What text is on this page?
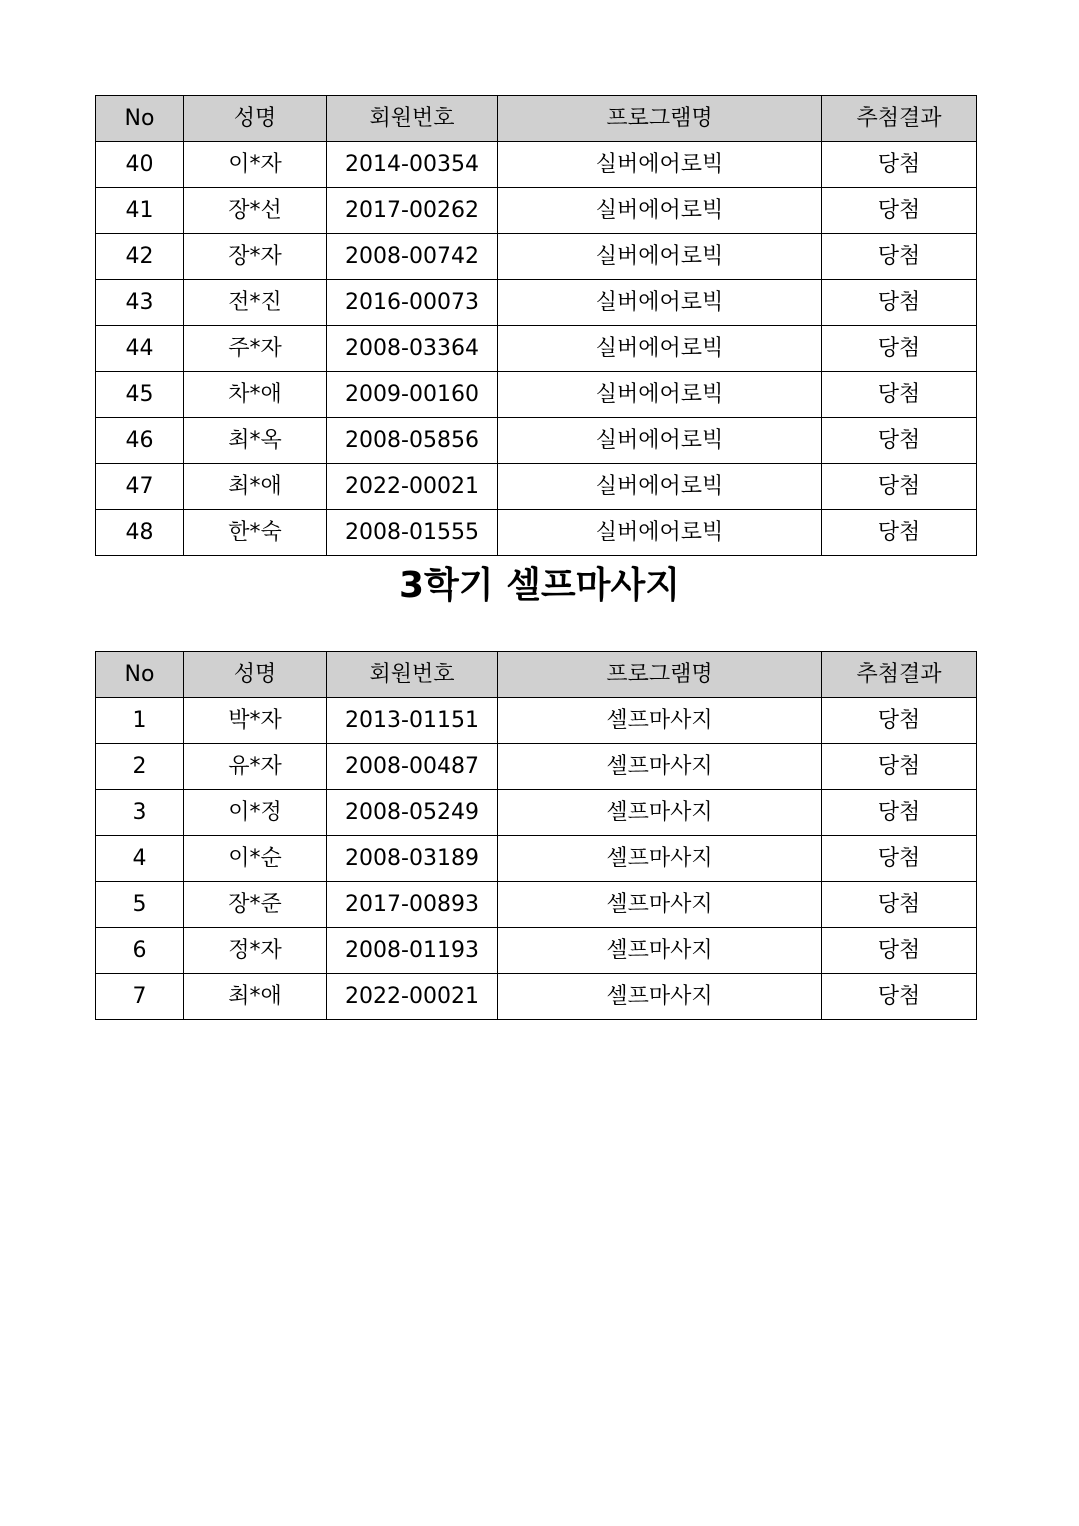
No	성명	회원번호	프로그램명	추첨결과
40	이*자	2014-00354	실버에어로빅	당첨
41	장*선	2017-00262	실버에어로빅	당첨
42	장*자	2008-00742	실버에어로빅	당첨
43	전*진	2016-00073	실버에어로빅	당첨
44	주*자	2008-03364	실버에어로빅	당첨
45	차*애	2009-00160	실버에어로빅	당첨
46	최*옥	2008-05856	실버에어로빅	당첨
47	최*애	2022-00021	실버에어로빅	당첨
48	한*숙	2008-01555	실버에어로빅	당첨
3학기 셀프마사지
No	성명	회원번호	프로그램명	추첨결과
1	박*자	2013-01151	셀프마사지	당첨
2	유*자	2008-00487	셀프마사지	당첨
3	이*정	2008-05249	셀프마사지	당첨
4	이*순	2008-03189	셀프마사지	당첨
5	장*준	2017-00893	셀프마사지	당첨
6	정*자	2008-01193	셀프마사지	당첨
7	최*애	2022-00021	셀프마사지	당첨
